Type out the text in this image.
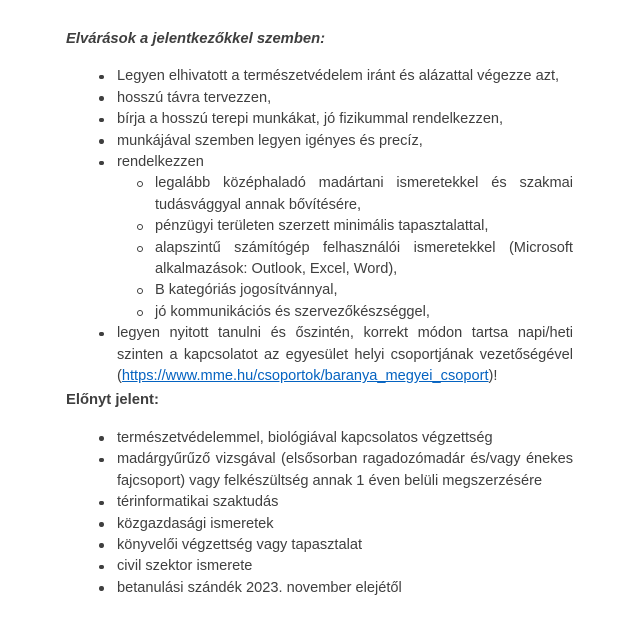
Elvárások a jelentkezőkkel szemben:
Legyen elhivatott a természetvédelem iránt és alázattal végezze azt,
hosszú távra tervezzen,
bírja a hosszú terepi munkákat, jó fizikummal rendelkezzen,
munkájával szemben legyen igényes és precíz,
rendelkezzen
legalább középhaladó madártani ismeretekkel és szakmai tudásvággyal annak bővítésére,
pénzügyi területen szerzett minimális tapasztalattal,
alapszintű számítógép felhasználói ismeretekkel (Microsoft alkalmazások: Outlook, Excel, Word),
B kategóriás jogosítvánnyal,
jó kommunikációs és szervezőkészséggel,
legyen nyitott tanulni és őszintén, korrekt módon tartsa napi/heti szinten a kapcsolatot az egyesület helyi csoportjának vezetőségével (https://www.mme.hu/csoportok/baranya_megyei_csoport)!
Előnyt jelent:
természetvédelemmel, biológiával kapcsolatos végzettség
madárgyűrűző vizsgával (elsősorban ragadozómadár és/vagy énekes fajcsoport) vagy felkészültség annak 1 éven belüli megszerzésére
térinformatikai szaktudás
közgazdasági ismeretek
könyvelői végzettség vagy tapasztalat
civil szektor ismerete
betanulási szándék 2023. november elejétől
